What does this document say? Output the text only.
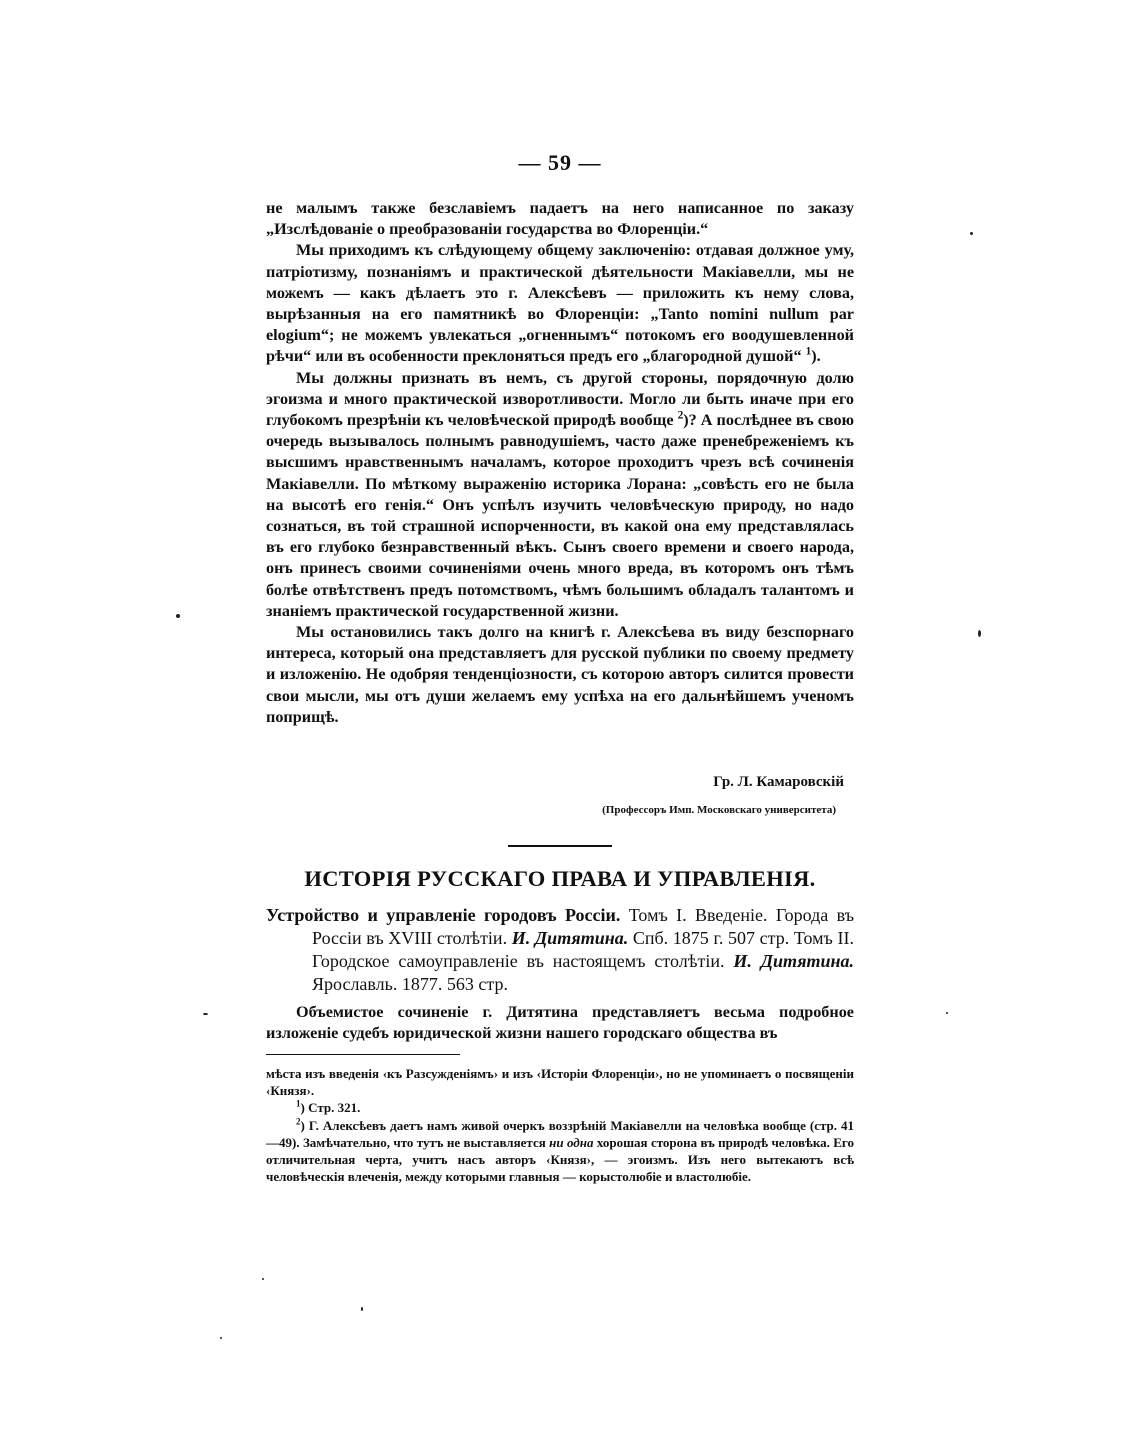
— 59 —

не малымъ также безславіемъ падаетъ на него написанное по заказу „Изслѣдованіе о преобразованіи государства во Флоренціи.“

Мы приходимъ къ слѣдующему общему заключенію: отдавая должное уму, патріотизму, познаніямъ и практической дѣятельности Макіавелли, мы не можемъ — какъ дѣлаетъ это г. Алексѣевъ — приложить къ нему слова, вырѣзанныя на его памятникѣ во Флоренціи: „Tanto nomini nullum par elogium“; не можемъ увлекаться „огненнымъ“ потокомъ его воодушевленной рѣчи“ или въ особенности преклоняться предъ его „благородной душой“ $^1$).

Мы должны признать въ немъ, съ другой стороны, порядочную долю эгоизма и много практической изворотливости. Могло ли быть иначе при его глубокомъ презрѣніи къ человѣческой природѣ вообще $^2$)? А послѣднее въ свою очередь вызывалось полнымъ равнодушіемъ, часто даже пренебреженіемъ къ высшимъ нравственнымъ началамъ, которое проходитъ чрезъ всѣ сочиненія Макіавелли. По мѣткому выраженію историка Лорана: „совѣсть его не была на высотѣ его генія.“ Онъ успѣлъ изучить человѣческую природу, но надо сознаться, въ той страшной испорченности, въ какой она ему представлялась въ его глубоко безнравственный вѣкъ. Сынъ своего времени и своего народа, онъ принесъ своими сочиненіями очень много вреда, въ которомъ онъ тѣмъ болѣе отвѣтственъ предъ потомствомъ, чѣмъ большимъ обладалъ талантомъ и знаніемъ практической государственной жизни.

Мы остановились такъ долго на книгѣ г. Алексѣева въ виду безспорнаго интереса, который она представляетъ для русской публики по своему предмету и изложенію. Не одобряя тенденціозности, съ которою авторъ силится провести свои мысли, мы отъ души желаемъ ему успѣха на его дальнѣйшемъ ученомъ поприщѣ.

Гр. Л. Камаровскій
(Профессоръ Имп. Московскаго университета)
ИСТОРІЯ РУССКАГО ПРАВА И УПРАВЛЕНІЯ.
Устройство и управленіе городовъ Россіи. Томъ I. Введеніе. Города въ Россіи въ XVIII столѣтіи. И. Дитятина. Спб. 1875 г. 507 стр. Томъ II. Городское самоуправленіе въ настоящемъ столѣтіи. И. Дитятина. Ярославль. 1877. 563 стр.
Объемистое сочиненіе г. Дитятина представляетъ весьма подробное изложеніе судебъ юридической жизни нашего городскаго общества въ

мѣста изъ введенія ‹къ Разсужденіямъ› и изъ ‹Исторіи Флоренціи›, но не упоминаетъ о посвященіи ‹Князя›.

$^1$) Стр. 321.

$^2$) Г. Алексѣевъ даетъ намъ живой очеркъ воззрѣній Макіавелли на человѣка вообще (стр. 41—49). Замѣчательно, что тутъ не выставляется ни одна хорошая сторона въ природѣ человѣка. Его отличительная черта, учитъ насъ авторъ ‹Князя›, — эгоизмъ. Изъ него вытекаютъ всѣ человѣческія влеченія, между которыми главныя — корыстолюбіе и властолюбіе.
